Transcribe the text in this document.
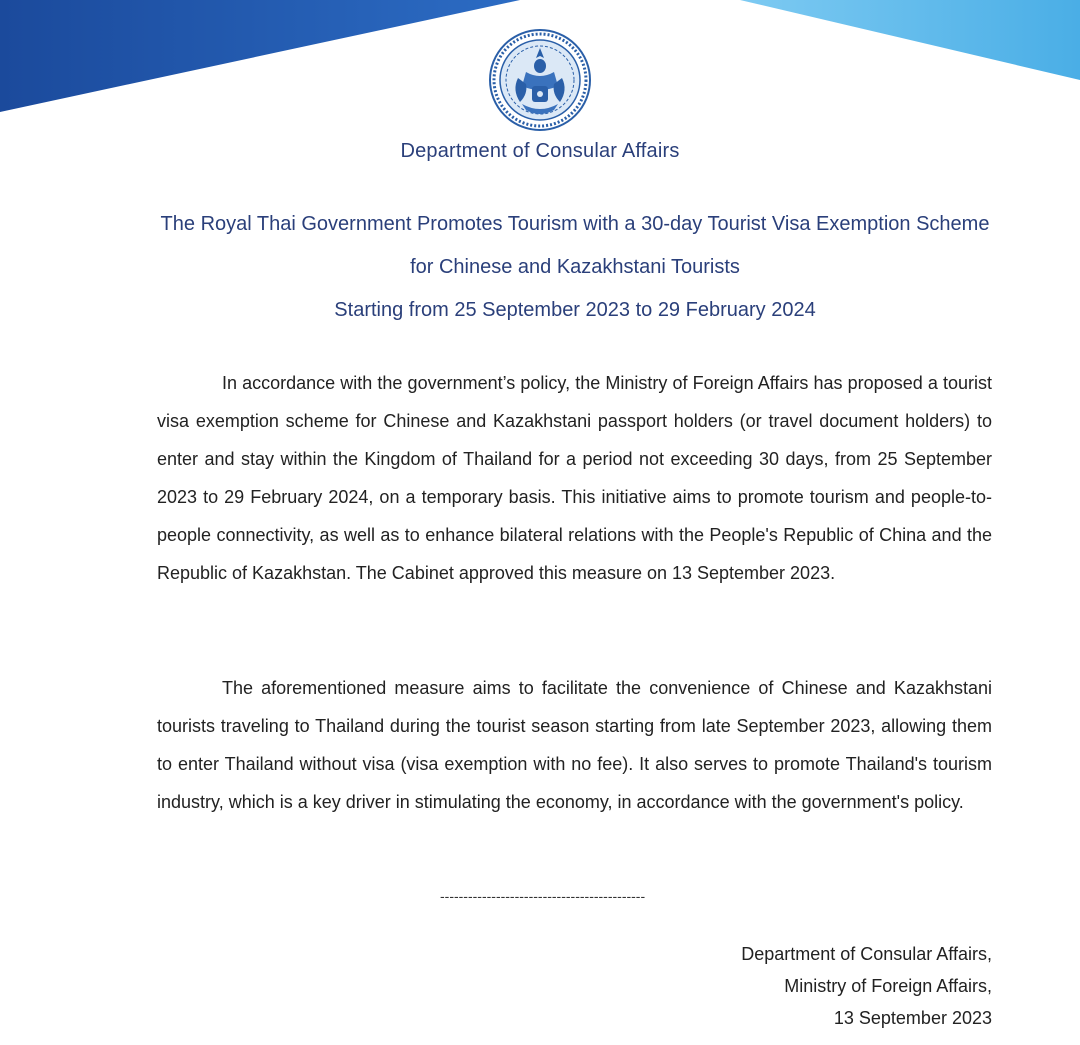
Department of Consular Affairs
The Royal Thai Government Promotes Tourism with a 30-day Tourist Visa Exemption Scheme
for Chinese and Kazakhstani Tourists
Starting from 25 September 2023 to 29 February 2024
In accordance with the government’s policy, the Ministry of Foreign Affairs has proposed a tourist visa exemption scheme for Chinese and Kazakhstani passport holders (or travel document holders) to enter and stay within the Kingdom of Thailand for a period not exceeding 30 days, from 25 September 2023 to 29 February 2024, on a temporary basis. This initiative aims to promote tourism and people-to-people connectivity, as well as to enhance bilateral relations with the People's Republic of China and the Republic of Kazakhstan. The Cabinet approved this measure on 13 September 2023.
The aforementioned measure aims to facilitate the convenience of Chinese and Kazakhstani tourists traveling to Thailand during the tourist season starting from late September 2023, allowing them to enter Thailand without visa (visa exemption with no fee). It also serves to promote Thailand's tourism industry, which is a key driver in stimulating the economy, in accordance with the government's policy.
--------------------------------------------
Department of Consular Affairs,
Ministry of Foreign Affairs,
13 September 2023
